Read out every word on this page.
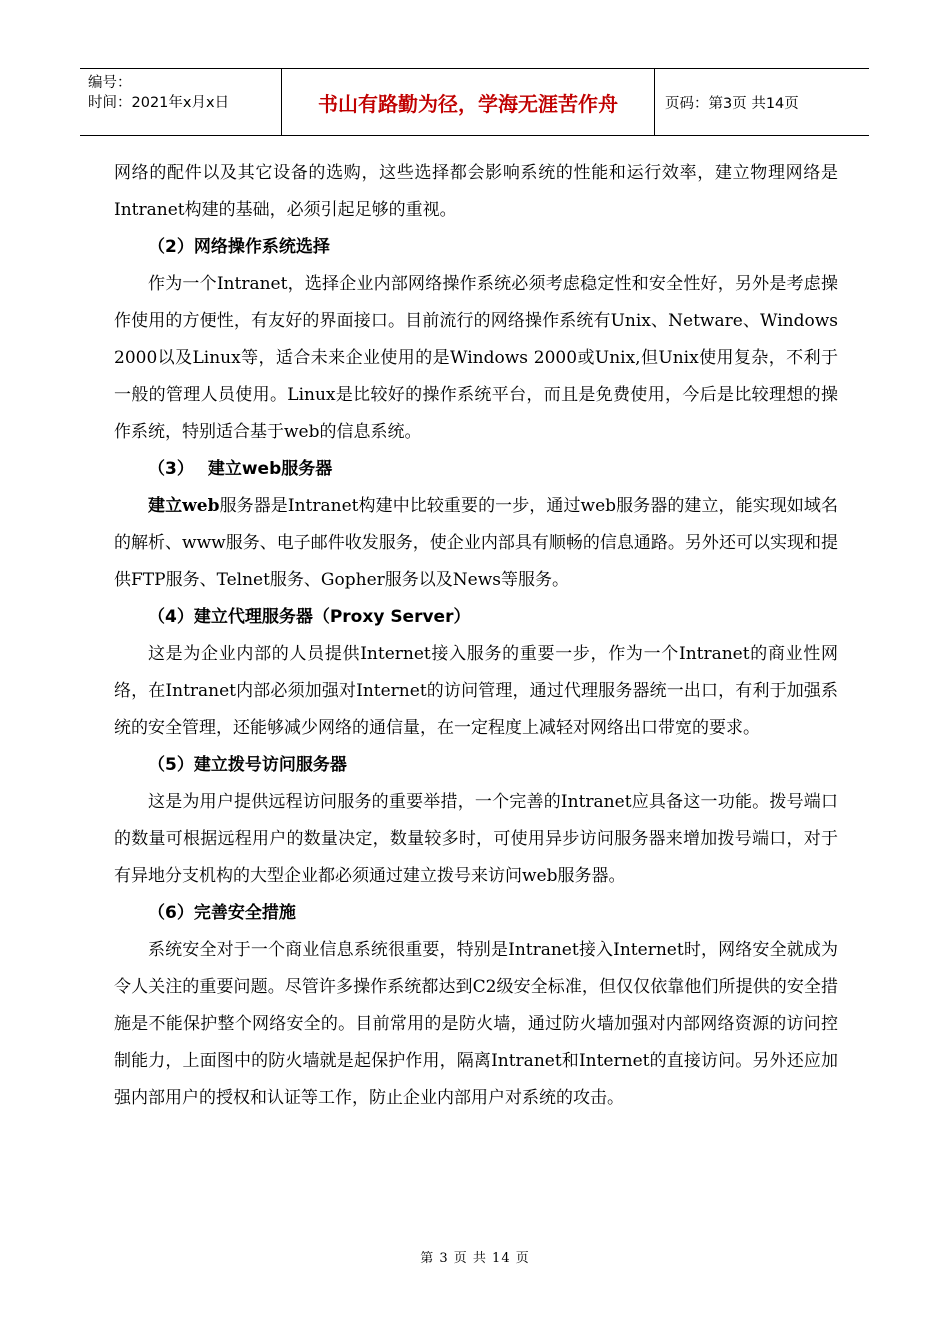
编号：
时间：2021年x月x日	书山有路勤为径，学海无涯苦作舟	页码：第3页 共14页

网络的配件以及其它设备的选购，这些选择都会影响系统的性能和运行效率，建立物理网络是Intranet构建的基础，必须引起足够的重视。

（2）网络操作系统选择

作为一个Intranet，选择企业内部网络操作系统必须考虑稳定性和安全性好，另外是考虑操作使用的方便性，有友好的界面接口。目前流行的网络操作系统有Unix、Netware、Windows 2000以及Linux等，适合未来企业使用的是Windows 2000或Unix,但Unix使用复杂，不利于一般的管理人员使用。Linux是比较好的操作系统平台，而且是免费使用，今后是比较理想的操作系统，特别适合基于web的信息系统。

（3） 建立web服务器

建立web服务器是Intranet构建中比较重要的一步，通过web服务器的建立，能实现如域名的解析、www服务、电子邮件收发服务，使企业内部具有顺畅的信息通路。另外还可以实现和提供FTP服务、Telnet服务、Gopher服务以及News等服务。

（4）建立代理服务器（Proxy Server）

这是为企业内部的人员提供Internet接入服务的重要一步，作为一个Intranet的商业性网络，在Intranet内部必须加强对Internet的访问管理，通过代理服务器统一出口，有利于加强系统的安全管理，还能够减少网络的通信量，在一定程度上减轻对网络出口带宽的要求。

（5）建立拨号访问服务器

这是为用户提供远程访问服务的重要举措，一个完善的Intranet应具备这一功能。拨号端口的数量可根据远程用户的数量决定，数量较多时，可使用异步访问服务器来增加拨号端口，对于有异地分支机构的大型企业都必须通过建立拨号来访问web服务器。

（6）完善安全措施

系统安全对于一个商业信息系统很重要，特别是Intranet接入Internet时，网络安全就成为令人关注的重要问题。尽管许多操作系统都达到C2级安全标准，但仅仅依靠他们所提供的安全措施是不能保护整个网络安全的。目前常用的是防火墙，通过防火墙加强对内部网络资源的访问控制能力，上面图中的防火墙就是起保护作用，隔离Intranet和Internet的直接访问。另外还应加强内部用户的授权和认证等工作，防止企业内部用户对系统的攻击。

第 3 页 共 14 页
